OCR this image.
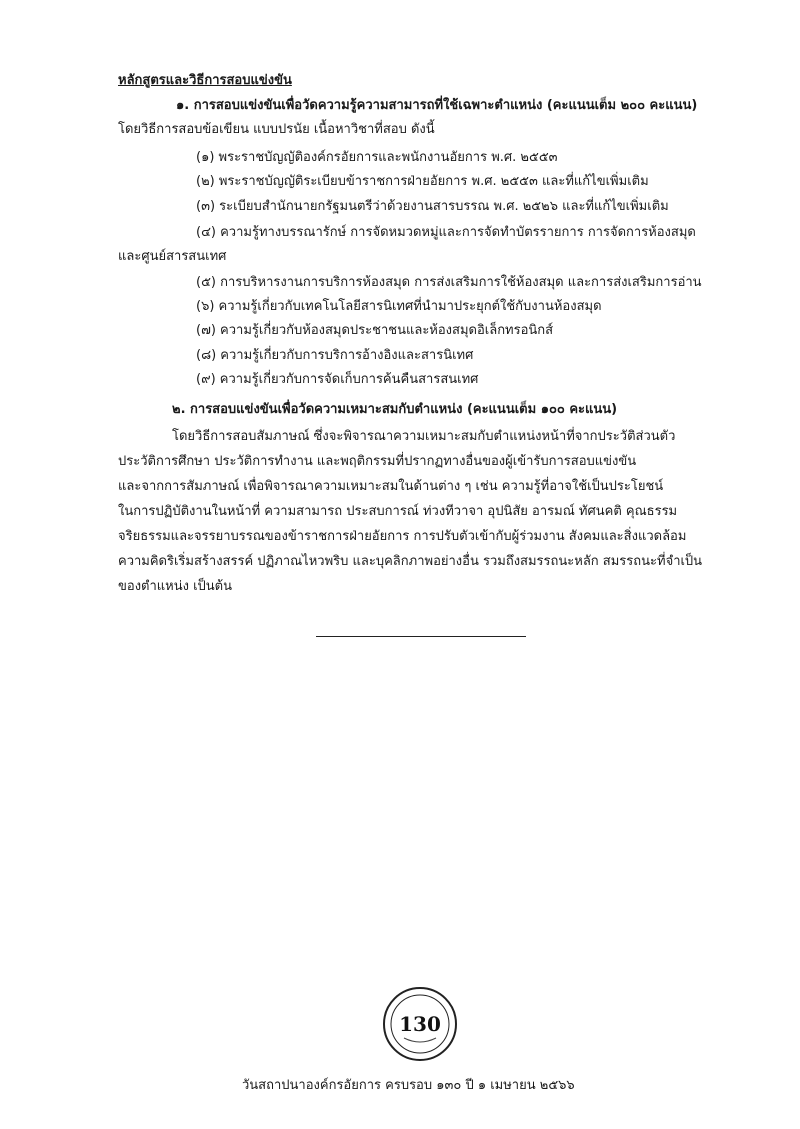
หลักสูตรและวิธีการสอบแข่งขัน
๑. การสอบแข่งขันเพื่อวัดความรู้ความสามารถที่ใช้เฉพาะตำแหน่ง (คะแนนเต็ม ๒๐๐ คะแนน)
โดยวิธีการสอบข้อเขียน แบบปรนัย เนื้อหาวิชาที่สอบ ดังนี้
(๑) พระราชบัญญัติองค์กรอัยการและพนักงานอัยการ พ.ศ. ๒๕๕๓
(๒) พระราชบัญญัติระเบียบข้าราชการฝ่ายอัยการ พ.ศ. ๒๕๕๓ และที่แก้ไขเพิ่มเติม
(๓) ระเบียบสำนักนายกรัฐมนตรีว่าด้วยงานสารบรรณ พ.ศ. ๒๕๒๖ และที่แก้ไขเพิ่มเติม
(๔) ความรู้ทางบรรณารักษ์ การจัดหมวดหมู่และการจัดทำบัตรรายการ การจัดการห้องสมุด
และศูนย์สารสนเทศ
(๕) การบริหารงานการบริการห้องสมุด การส่งเสริมการใช้ห้องสมุด และการส่งเสริมการอ่าน
(๖) ความรู้เกี่ยวกับเทคโนโลยีสารนิเทศที่นำมาประยุกต์ใช้กับงานห้องสมุด
(๗) ความรู้เกี่ยวกับห้องสมุดประชาชนและห้องสมุดอิเล็กทรอนิกส์
(๘) ความรู้เกี่ยวกับการบริการอ้างอิงและสารนิเทศ
(๙) ความรู้เกี่ยวกับการจัดเก็บการค้นคืนสารสนเทศ
๒. การสอบแข่งขันเพื่อวัดความเหมาะสมกับตำแหน่ง (คะแนนเต็ม ๑๐๐ คะแนน)
โดยวิธีการสอบสัมภาษณ์ ซึ่งจะพิจารณาความเหมาะสมกับตำแหน่งหน้าที่จากประวัติส่วนตัว
ประวัติการศึกษา ประวัติการทำงาน และพฤติกรรมที่ปรากฏทางอื่นของผู้เข้ารับการสอบแข่งขัน
และจากการสัมภาษณ์ เพื่อพิจารณาความเหมาะสมในด้านต่าง ๆ เช่น ความรู้ที่อาจใช้เป็นประโยชน์
ในการปฏิบัติงานในหน้าที่ ความสามารถ ประสบการณ์ ท่วงทีวาจา อุปนิสัย อารมณ์ ทัศนคติ คุณธรรม
จริยธรรมและจรรยาบรรณของข้าราชการฝ่ายอัยการ การปรับตัวเข้ากับผู้ร่วมงาน สังคมและสิ่งแวดล้อม
ความคิดริเริ่มสร้างสรรค์ ปฏิภาณไหวพริบ และบุคลิกภาพอย่างอื่น รวมถึงสมรรถนะหลัก สมรรถนะที่จำเป็น
ของตำแหน่ง เป็นต้น
130
วันสถาปนาองค์กรอัยการ ครบรอบ ๑๓๐ ปี ๑ เมษายน ๒๕๖๖
